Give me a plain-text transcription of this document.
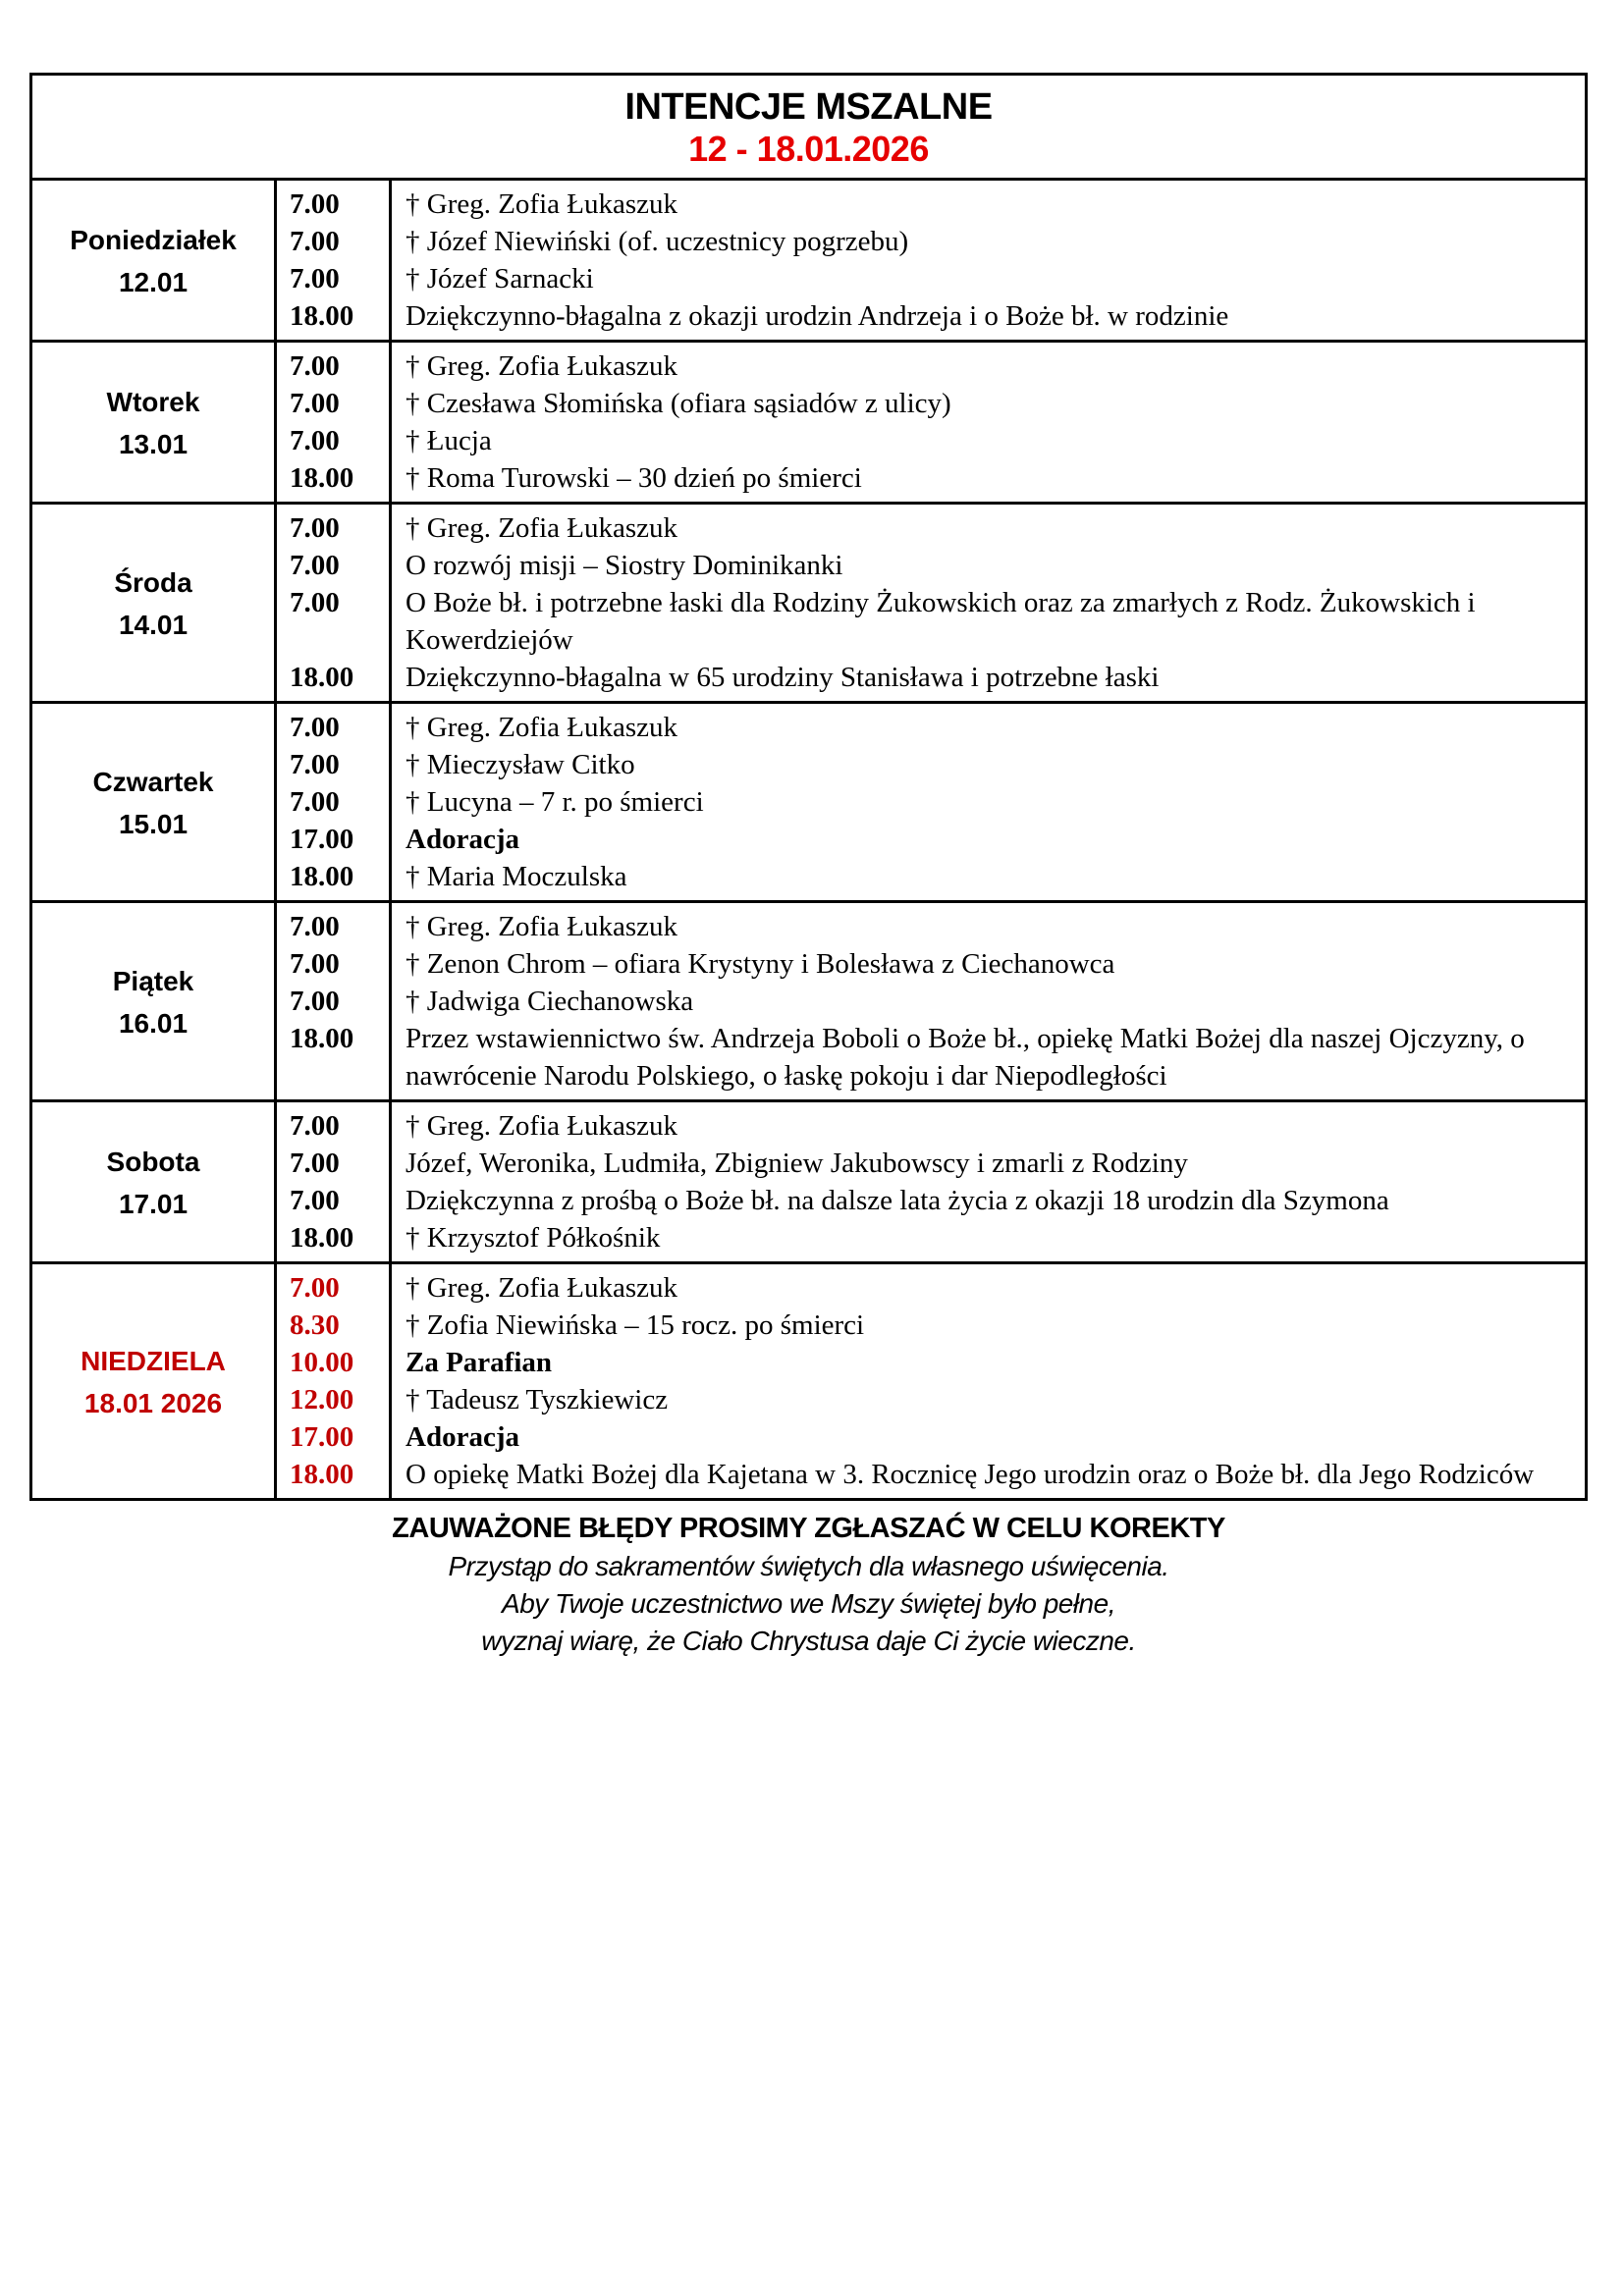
INTENCJE MSZALNE
12 - 18.01.2026		

Poniedziałek
12.01	7.00	† Greg. Zofia Łukaszuk
	7.00	† Józef Niewiński (of. uczestnicy pogrzebu)
	7.00	† Józef Sarnacki
	18.00	Dziękczynno-błagalna z okazji urodzin Andrzeja i o Boże bł. w rodzinie

Wtorek
13.01	7.00	† Greg. Zofia Łukaszuk
	7.00	† Czesława Słomińska (ofiara sąsiadów z ulicy)
	7.00	† Łucja
	18.00	† Roma Turowski – 30 dzień po śmierci

Środa
14.01	7.00	† Greg. Zofia Łukaszuk
	7.00	O rozwój misji – Siostry Dominikanki
	7.00	O Boże bł. i potrzebne łaski dla Rodziny Żukowskich oraz za zmarłych z Rodz. Żukowskich i Kowerdziejów
	18.00	Dziękczynno-błagalna w 65 urodziny Stanisława i potrzebne łaski

Czwartek
15.01	7.00	† Greg. Zofia Łukaszuk
	7.00	† Mieczysław Citko
	7.00	† Lucyna – 7 r. po śmierci
	17.00	Adoracja
	18.00	† Maria Moczulska

Piątek
16.01	7.00	† Greg. Zofia Łukaszuk
	7.00	† Zenon Chrom – ofiara Krystyny i Bolesława z Ciechanowca
	7.00	† Jadwiga Ciechanowska
	18.00	Przez wstawiennictwo św. Andrzeja Boboli o Boże bł., opiekę Matki Bożej dla naszej Ojczyzny, o nawrócenie Narodu Polskiego, o łaskę pokoju i dar Niepodległości

Sobota
17.01	7.00	† Greg. Zofia Łukaszuk
	7.00	Józef, Weronika, Ludmiła, Zbigniew Jakubowscy i zmarli z Rodziny
	7.00	Dziękczynna z prośbą o Boże bł. na dalsze lata życia z okazji 18 urodzin dla Szymona
	18.00	† Krzysztof Półkośnik

NIEDZIELA
18.01 2026	7.00	† Greg. Zofia Łukaszuk
	8.30	† Zofia Niewińska – 15 rocz. po śmierci
	10.00	Za Parafian
	12.00	† Tadeusz Tyszkiewicz
	17.00	Adoracja
	18.00	O opiekę Matki Bożej dla Kajetana w 3. Rocznicę Jego urodzin oraz o Boże bł. dla Jego Rodziców
ZAUWAŻONE BŁĘDY PROSIMY ZGŁASZAĆ W CELU KOREKTY
Przystąp do sakramentów świętych dla własnego uświęcenia.
Aby Twoje uczestnictwo we Mszy świętej było pełne,
wyznaj wiarę, że Ciało Chrystusa daje Ci życie wieczne.
